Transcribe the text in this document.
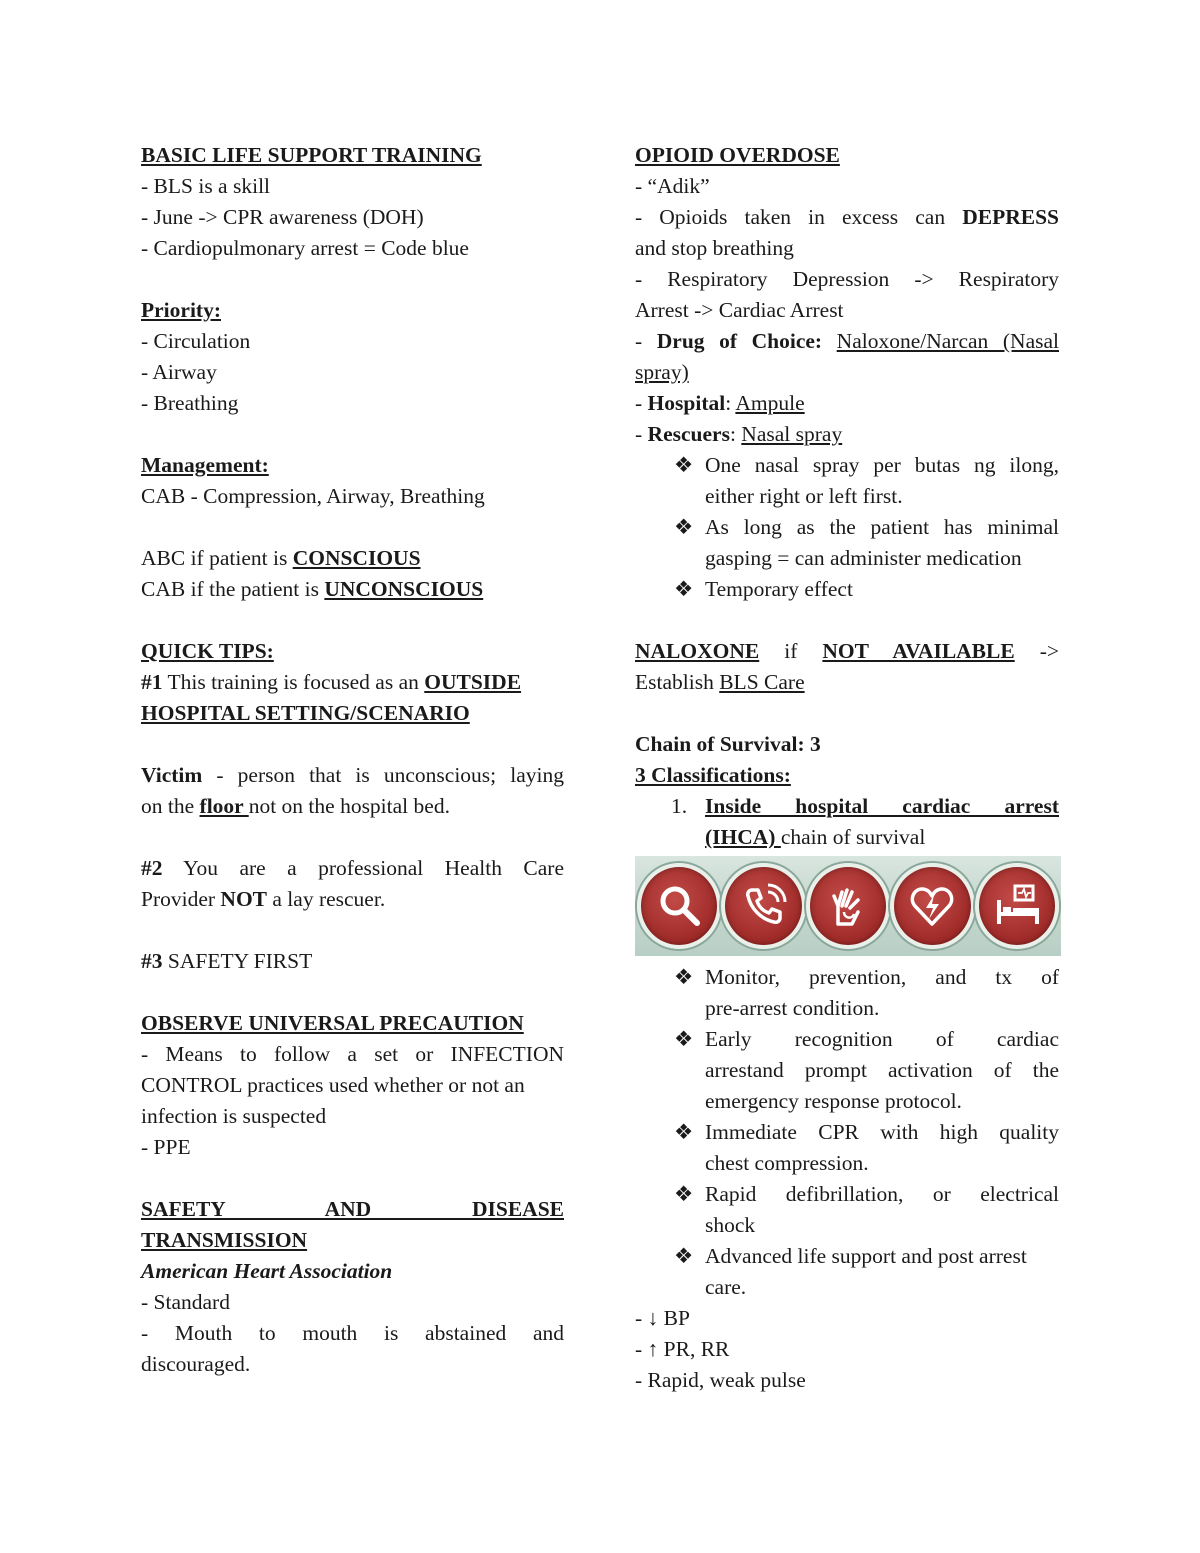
BASIC LIFE SUPPORT TRAINING
- BLS is a skill
- June -> CPR awareness (DOH)
- Cardiopulmonary arrest = Code blue
Priority:
- Circulation
- Airway
- Breathing
Management:
CAB - Compression, Airway, Breathing
ABC if patient is CONSCIOUS
CAB if the patient is UNCONSCIOUS
QUICK TIPS:
#1 This training is focused as an OUTSIDE
HOSPITAL SETTING/SCENARIO
Victim - person that is unconscious; laying
on the floor not on the hospital bed.
#2 You are a professional Health Care
Provider NOT a lay rescuer.
#3 SAFETY FIRST
OBSERVE UNIVERSAL PRECAUTION
- Means to follow a set or INFECTION
CONTROL practices used whether or not an
infection is suspected
- PPE
SAFETY AND DISEASE
TRANSMISSION
American Heart Association
- Standard
- Mouth to mouth is abstained and
discouraged.
OPIOID OVERDOSE
- “Adik”
- Opioids taken in excess can DEPRESS
and stop breathing
- Respiratory Depression -> Respiratory
Arrest -> Cardiac Arrest
- Drug of Choice: Naloxone/Narcan (Nasal
spray)
- Hospital: Ampule
- Rescuers: Nasal spray
❖ One nasal spray per butas ng ilong,
either right or left first.
❖ As long as the patient has minimal
gasping = can administer medication
❖ Temporary effect
NALOXONE if NOT AVAILABLE ->
Establish BLS Care
Chain of Survival: 3
3 Classifications:
1. Inside hospital cardiac arrest
(IHCA) chain of survival
❖ Monitor, prevention, and tx of
pre-arrest condition.
❖ Early recognition of cardiac
arrestand prompt activation of the
emergency response protocol.
❖ Immediate CPR with high quality
chest compression.
❖ Rapid defibrillation, or electrical
shock
❖ Advanced life support and post arrest
care.
- ↓ BP
- ↑ PR, RR
- Rapid, weak pulse
